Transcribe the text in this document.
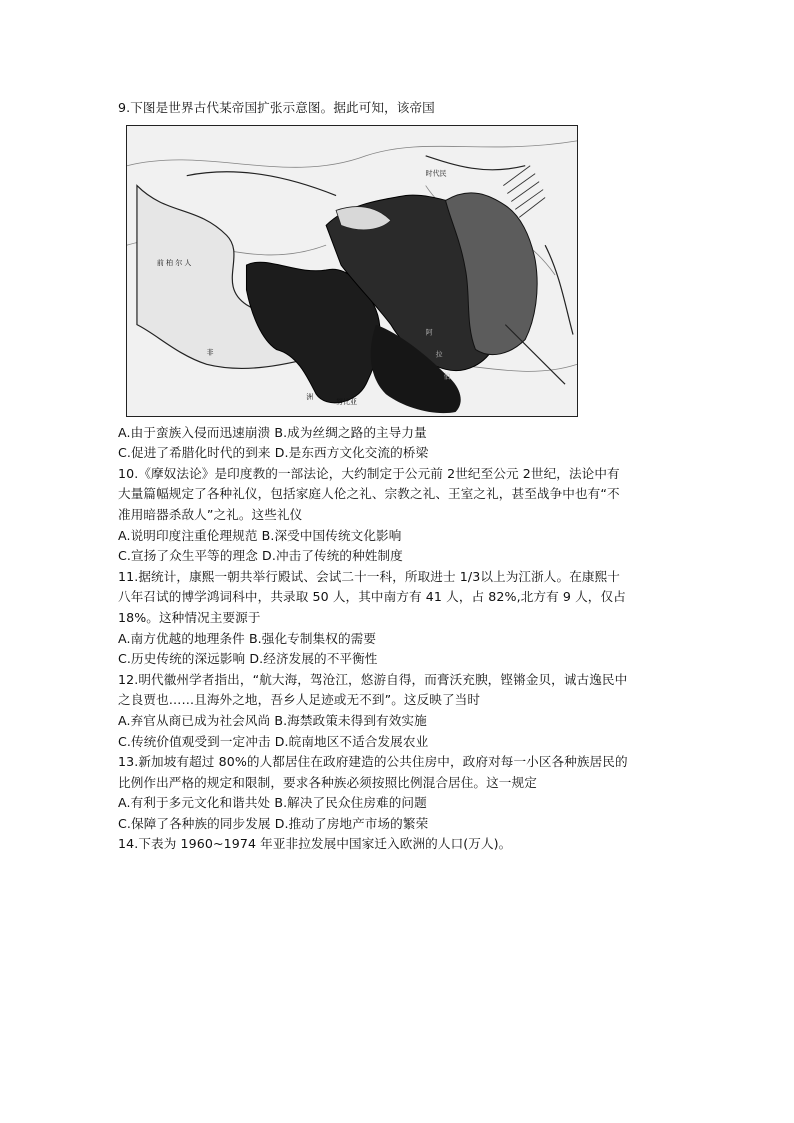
9.下图是世界古代某帝国扩张示意图。据此可知，该帝国
时代民
前 柏 尔 人
非
洲
阿
拉
伯
努比亚
A.由于蛮族入侵而迅速崩溃 B.成为丝绸之路的主导力量
C.促进了希腊化时代的到来 D.是东西方文化交流的桥梁
10.《摩奴法论》是印度教的一部法论，大约制定于公元前 2世纪至公元 2世纪，法论中有
大量篇幅规定了各种礼仪，包括家庭人伦之礼、宗教之礼、王室之礼，甚至战争中也有“不
准用暗器杀敌人”之礼。这些礼仪
A.说明印度注重伦理规范 B.深受中国传统文化影响
C.宣扬了众生平等的理念 D.冲击了传统的种姓制度
11.据统计，康熙一朝共举行殿试、会试二十一科，所取进士 1/3以上为江浙人。在康熙十
八年召试的博学鸿词科中，共录取 50 人，其中南方有 41 人，占 82%,北方有 9 人，仅占
18%。这种情况主要源于
A.南方优越的地理条件 B.强化专制集权的需要
C.历史传统的深远影响 D.经济发展的不平衡性
12.明代徽州学者指出，“航大海，驾沧江，悠游自得，而膏沃充腴，铿锵金贝，诚古逸民中
之良贾也……且海外之地，吾乡人足迹或无不到”。这反映了当时
A.弃官从商已成为社会风尚 B.海禁政策未得到有效实施
C.传统价值观受到一定冲击 D.皖南地区不适合发展农业
13.新加坡有超过 80%的人都居住在政府建造的公共住房中，政府对每一小区各种族居民的
比例作出严格的规定和限制，要求各种族必须按照比例混合居住。这一规定
A.有利于多元文化和谐共处 B.解决了民众住房难的问题
C.保障了各种族的同步发展 D.推动了房地产市场的繁荣
14.下表为 1960~1974 年亚非拉发展中国家迁入欧洲的人口(万人)。
